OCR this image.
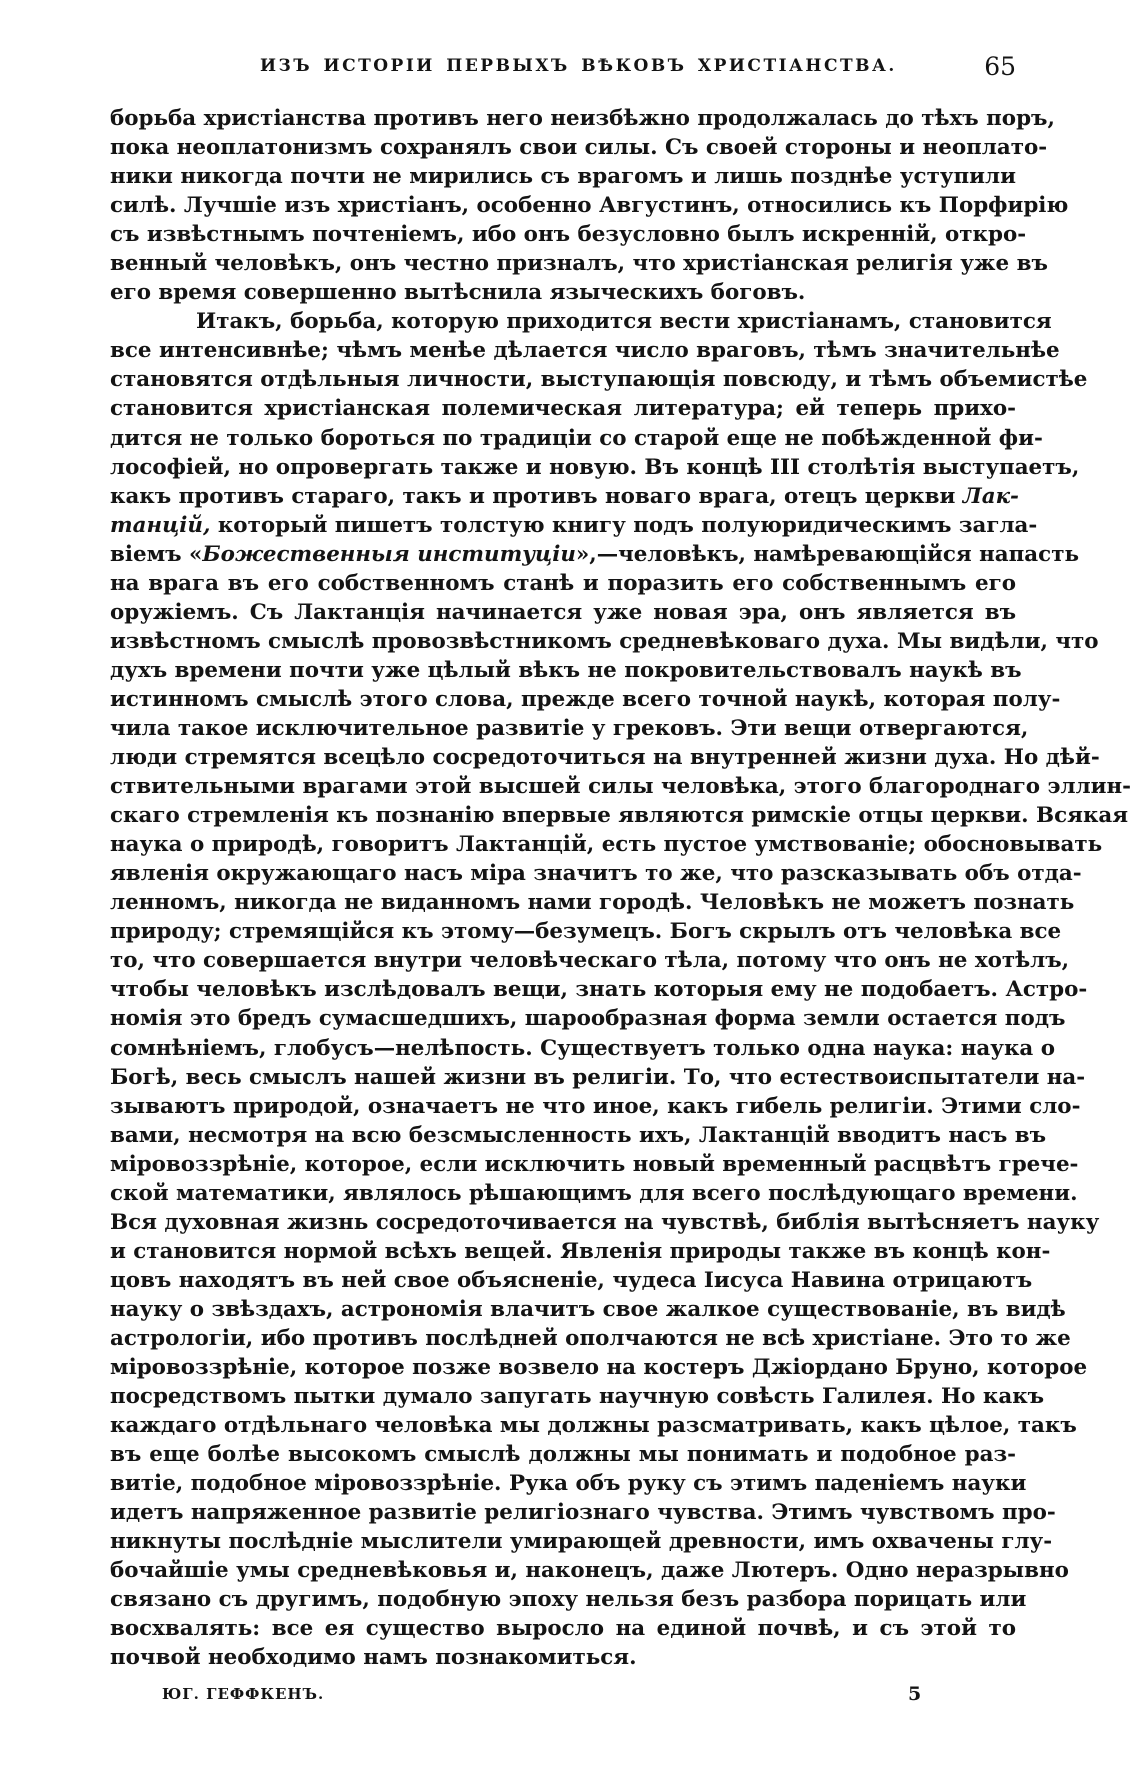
ИЗЪ ИСТОРІИ ПЕРВЫХЪ ВѢКОВЪ ХРИСТІАНСТВА.	65
борьба христіанства противъ него неизбѣжно продолжалась до тѣхъ поръ,
пока неоплатонизмъ сохранялъ свои силы. Съ своей стороны и неоплато-
ники никогда почти не мирились съ врагомъ и лишь позднѣе уступили
силѣ. Лучшіе изъ христіанъ, особенно Августинъ, относились къ Порфирію
съ извѣстнымъ почтеніемъ, ибо онъ безусловно былъ искренній, откро-
венный человѣкъ, онъ честно призналъ, что христіанская религія уже въ
его время совершенно вытѣснила языческихъ боговъ.
Итакъ, борьба, которую приходится вести христіанамъ, становится
все интенсивнѣе; чѣмъ менѣе дѣлается число враговъ, тѣмъ значительнѣе
становятся отдѣльныя личности, выступающія повсюду, и тѣмъ объемистѣе
становится христіанская полемическая литература; ей теперь прихо-
дится не только бороться по традиціи со старой еще не побѣжденной фи-
лософіей, но опровергать также и новую. Въ концѣ III столѣтія выступаетъ,
какъ противъ стараго, такъ и противъ новаго врага, отецъ церкви Лак-
танцій, который пишетъ толстую книгу подъ полуюридическимъ загла-
віемъ «Божественныя институціи»,—человѣкъ, намѣревающійся напасть
на врага въ его собственномъ станѣ и поразить его собственнымъ его
оружіемъ. Съ Лактанція начинается уже новая эра, онъ является въ
извѣстномъ смыслѣ провозвѣстникомъ средневѣковаго духа. Мы видѣли, что
духъ времени почти уже цѣлый вѣкъ не покровительствовалъ наукѣ въ
истинномъ смыслѣ этого слова, прежде всего точной наукѣ, которая полу-
чила такое исключительное развитіе у грековъ. Эти вещи отвергаются,
люди стремятся всецѣло сосредоточиться на внутренней жизни духа. Но дѣй-
ствительными врагами этой высшей силы человѣка, этого благороднаго эллин-
скаго стремленія къ познанію впервые являются римскіе отцы церкви. Всякая
наука о природѣ, говоритъ Лактанцій, есть пустое умствованіе; обосновывать
явленія окружающаго насъ міра значитъ то же, что разсказывать объ отда-
ленномъ, никогда не виданномъ нами городѣ. Человѣкъ не можетъ познать
природу; стремящійся къ этому—безумецъ. Богъ скрылъ отъ человѣка все
то, что совершается внутри человѣческаго тѣла, потому что онъ не хотѣлъ,
чтобы человѣкъ изслѣдовалъ вещи, знать которыя ему не подобаетъ. Астро-
номія это бредъ сумасшедшихъ, шарообразная форма земли остается подъ
сомнѣніемъ, глобусъ—нелѣпость. Существуетъ только одна наука: наука о
Богѣ, весь смыслъ нашей жизни въ религіи. То, что естествоиспытатели на-
зываютъ природой, означаетъ не что иное, какъ гибель религіи. Этими сло-
вами, несмотря на всю безсмысленность ихъ, Лактанцій вводитъ насъ въ
міровоззрѣніе, которое, если исключить новый временный расцвѣтъ грече-
ской математики, являлось рѣшающимъ для всего послѣдующаго времени.
Вся духовная жизнь сосредоточивается на чувствѣ, библія вытѣсняетъ науку
и становится нормой всѣхъ вещей. Явленія природы также въ концѣ кон-
цовъ находятъ въ ней свое объясненіе, чудеса Іисуса Навина отрицаютъ
науку о звѣздахъ, астрономія влачитъ свое жалкое существованіе, въ видѣ
астрологіи, ибо противъ послѣдней ополчаются не всѣ христіане. Это то же
міровоззрѣніе, которое позже возвело на костеръ Джіордано Бруно, которое
посредствомъ пытки думало запугать научную совѣсть Галилея. Но какъ
каждаго отдѣльнаго человѣка мы должны разсматривать, какъ цѣлое, такъ
въ еще болѣе высокомъ смыслѣ должны мы понимать и подобное раз-
витіе, подобное міровоззрѣніе. Рука объ руку съ этимъ паденіемъ науки
идетъ напряженное развитіе религіознаго чувства. Этимъ чувствомъ про-
никнуты послѣдніе мыслители умирающей древности, имъ охвачены глу-
бочайшіе умы средневѣковья и, наконецъ, даже Лютеръ. Одно неразрывно
связано съ другимъ, подобную эпоху нельзя безъ разбора порицать или
восхвалять: все ея существо выросло на единой почвѣ, и съ этой то
почвой необходимо намъ познакомиться.
ЮГ. ГЕФФКЕНЪ.	5
